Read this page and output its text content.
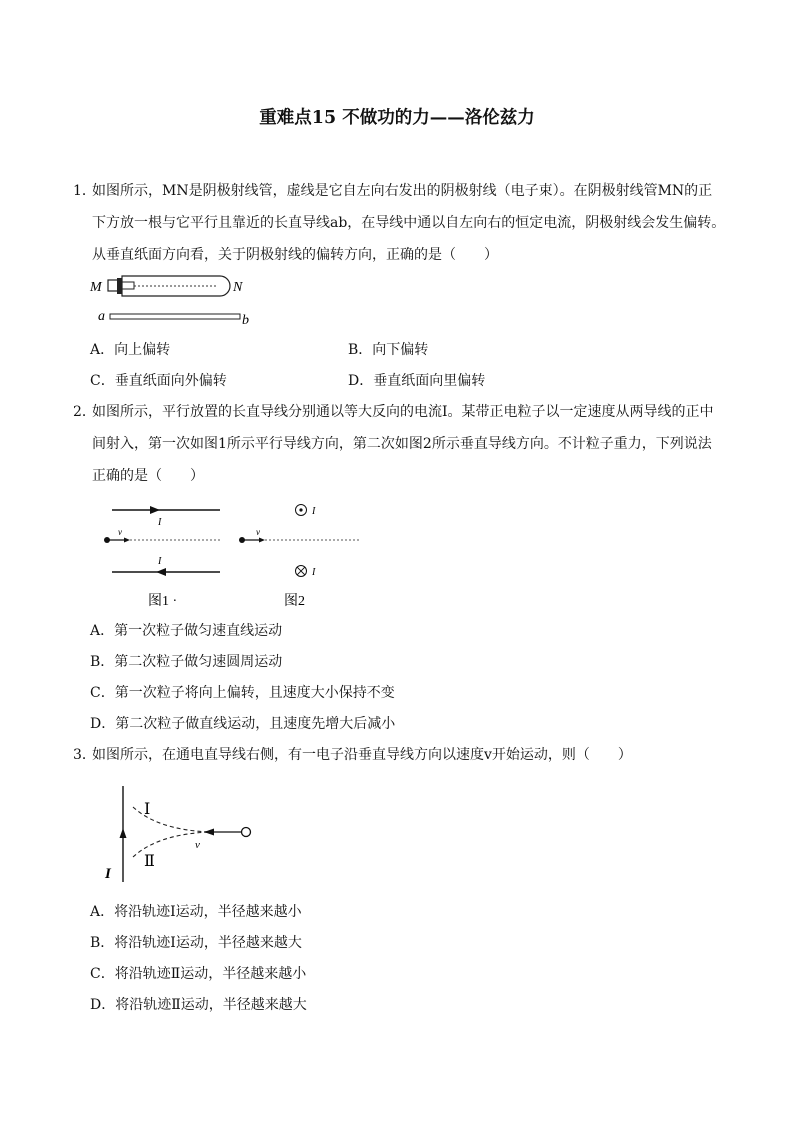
重难点15 不做功的力——洛伦兹力
1．
如图所示，MN是阴极射线管，虚线是它自左向右发出的阴极射线（电子束）。在阴极射线管MN的正
下方放一根与它平行且靠近的长直导线ab，在导线中通以自左向右的恒定电流，阴极射线会发生偏转。
从垂直纸面方向看，关于阴极射线的偏转方向，正确的是（　　）
M	N
a	b
A．向上偏转	B．向下偏转
C．垂直纸面向外偏转	D．垂直纸面向里偏转
2．
如图所示，平行放置的长直导线分别通以等大反向的电流I。某带正电粒子以一定速度从两导线的正中
间射入，第一次如图1所示平行导线方向，第二次如图2所示垂直导线方向。不计粒子重力，下列说法
正确的是（　　）
I
v
I
图1 ·
I
v
I
图2
A．第一次粒子做匀速直线运动
B．第二次粒子做匀速圆周运动
C．第一次粒子将向上偏转，且速度大小保持不变
D．第二次粒子做直线运动，且速度先增大后减小
3．
如图所示，在通电直导线右侧，有一电子沿垂直导线方向以速度v开始运动，则（　　）
I
Ⅰ
Ⅱ
v
A．将沿轨迹Ⅰ运动，半径越来越小
B．将沿轨迹Ⅰ运动，半径越来越大
C．将沿轨迹Ⅱ运动，半径越来越小
D．将沿轨迹Ⅱ运动，半径越来越大
